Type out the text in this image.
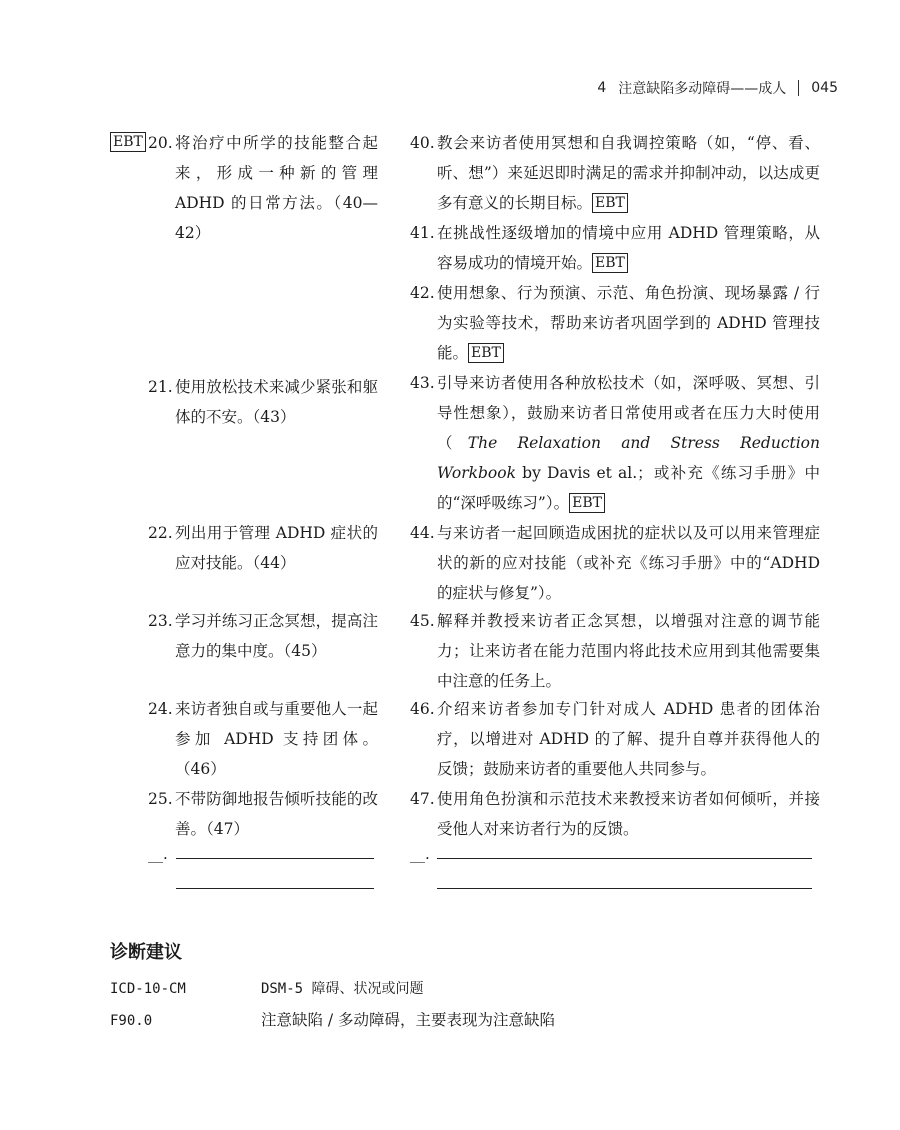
4 注意缺陷多动障碍——成人 045
EBT 20. 将治疗中所学的技能整合起来，形成一种新的管理 ADHD 的日常方法。（40—42）
21. 使用放松技术来减少紧张和躯体的不安。（43）
22. 列出用于管理 ADHD 症状的应对技能。（44）
23. 学习并练习正念冥想，提高注意力的集中度。（45）
24. 来访者独自或与重要他人一起参加 ADHD 支持团体。（46）
25. 不带防御地报告倾听技能的改善。（47）
40. 教会来访者使用冥想和自我调控策略（如，“停、看、听、想”）来延迟即时满足的需求并抑制冲动，以达成更多有意义的长期目标。 EBT
41. 在挑战性逐级增加的情境中应用 ADHD 管理策略，从容易成功的情境开始。 EBT
42. 使用想象、行为预演、示范、角色扮演、现场暴露 / 行为实验等技术，帮助来访者巩固学到的 ADHD 管理技能。 EBT
43. 引导来访者使用各种放松技术（如，深呼吸、冥想、引导性想象），鼓励来访者日常使用或者在压力大时使用（The Relaxation and Stress Reduction Workbook by Davis et al.；或补充《练习手册》中的“深呼吸练习”）。 EBT
44. 与来访者一起回顾造成困扰的症状以及可以用来管理症状的新的应对技能（或补充《练习手册》中的“ADHD 的症状与修复”）。
45. 解释并教授来访者正念冥想，以增强对注意的调节能力；让来访者在能力范围内将此技术应用到其他需要集中注意的任务上。
46. 介绍来访者参加专门针对成人 ADHD 患者的团体治疗，以增进对 ADHD 的了解、提升自尊并获得他人的反馈；鼓励来访者的重要他人共同参与。
47. 使用角色扮演和示范技术来教授来访者如何倾听，并接受他人对来访者行为的反馈。
__.	__.
诊断建议
ICD-10-CM	DSM-5 障碍、状况或问题
F90.0	注意缺陷 / 多动障碍，主要表现为注意缺陷
